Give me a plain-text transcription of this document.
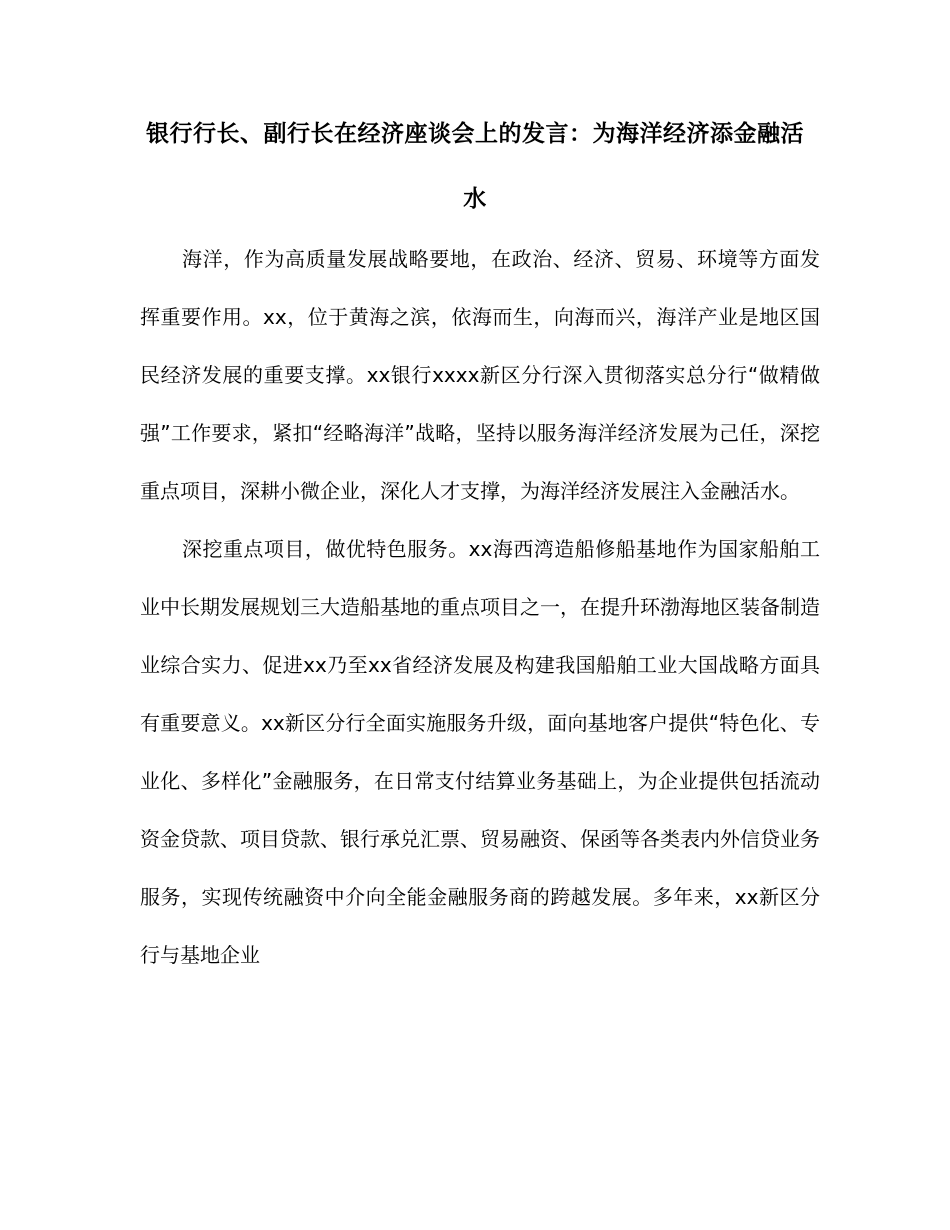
银行行长、副行长在经济座谈会上的发言：为海洋经济添金融活水

海洋，作为高质量发展战略要地，在政治、经济、贸易、环境等方面发挥重要作用。xx，位于黄海之滨，依海而生，向海而兴，海洋产业是地区国民经济发展的重要支撑。xx银行xxxx新区分行深入贯彻落实总分行“做精做强”工作要求，紧扣“经略海洋”战略，坚持以服务海洋经济发展为己任，深挖重点项目，深耕小微企业，深化人才支撑，为海洋经济发展注入金融活水。

深挖重点项目，做优特色服务。xx海西湾造船修船基地作为国家船舶工业中长期发展规划三大造船基地的重点项目之一，在提升环渤海地区装备制造业综合实力、促进xx乃至xx省经济发展及构建我国船舶工业大国战略方面具有重要意义。xx新区分行全面实施服务升级，面向基地客户提供“特色化、专业化、多样化”金融服务，在日常支付结算业务基础上，为企业提供包括流动资金贷款、项目贷款、银行承兑汇票、贸易融资、保函等各类表内外信贷业务服务，实现传统融资中介向全能金融服务商的跨越发展。多年来，xx新区分行与基地企业
